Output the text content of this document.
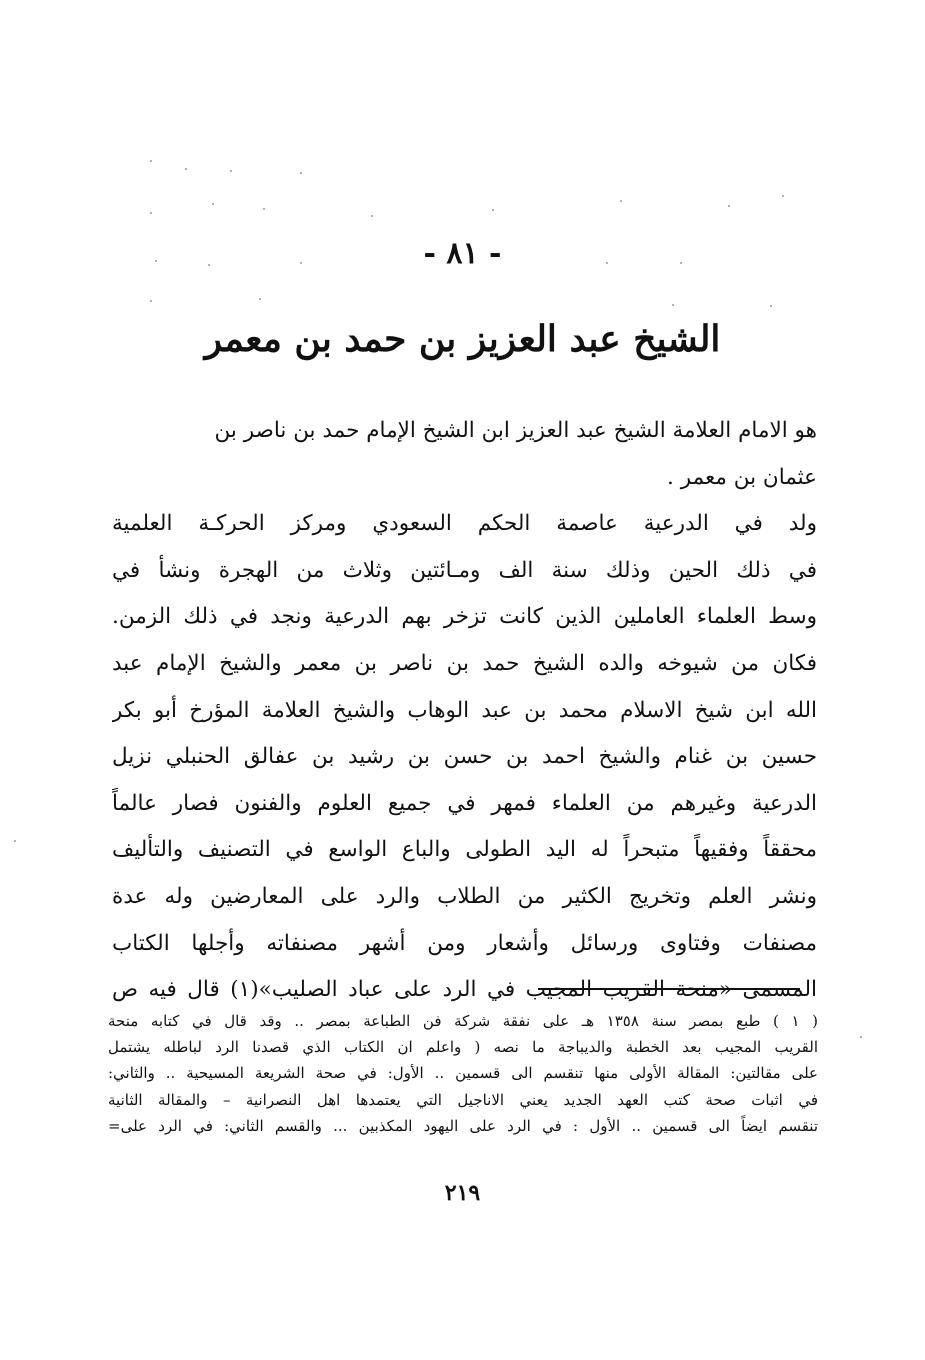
- ٨١ -
الشيخ عبد العزيز بن حمد بن معمر
هو الامام العلامة الشيخ عبد العزيز ابن الشيخ الإمام حمد بن ناصر بن
عثمان بن معمر .
ولد في الدرعية عاصمة الحكم السعودي ومركز الحركـة العلمية
في ذلك الحين وذلك سنة الف ومـائتين وثلاث من الهجرة ونشأ في
وسط العلماء العاملين الذين كانت تزخر بهم الدرعية ونجد في ذلك الزمن.
فكان من شيوخه والده الشيخ حمد بن ناصر بن معمر والشيخ الإمام عبد
الله ابن شيخ الاسلام محمد بن عبد الوهاب والشيخ العلامة المؤرخ أبو بكر
حسين بن غنام والشيخ احمد بن حسن بن رشيد بن عفالق الحنبلي نزيل
الدرعية وغيرهم من العلماء فمهر في جميع العلوم والفنون فصار عالماً
محققاً وفقيهاً متبحراً له اليد الطولى والباع الواسع في التصنيف والتأليف
ونشر العلم وتخريج الكثير من الطلاب والرد على المعارضين وله عدة
مصنفات وفتاوى ورسائل وأشعار ومن أشهر مصنفاته وأجلها الكتاب
المسمى «منحة القريب المجيب في الرد على عباد الصليب»(١) قال فيه ص
( ١ ) طبع بمصر سنة ١٣٥٨ هـ على نفقة شركة فن الطباعة بمصر .. وقد قال في كتابه منحة
القريب المجيب بعد الخطبة والديباجة ما نصه ( واعلم ان الكتاب الذي قصدنا الرد لباطله يشتمل
على مقالتين: المقالة الأولى منها تنقسم الى قسمين .. الأول: في صحة الشريعة المسيحية .. والثاني:
في اثبات صحة كتب العهد الجديد يعني الاناجيل التي يعتمدها اهل النصرانية – والمقالة الثانية
تنقسم ايضاً الى قسمين .. الأول : في الرد على اليهود المكذبين ... والقسم الثاني: في الرد على=
٢١٩
